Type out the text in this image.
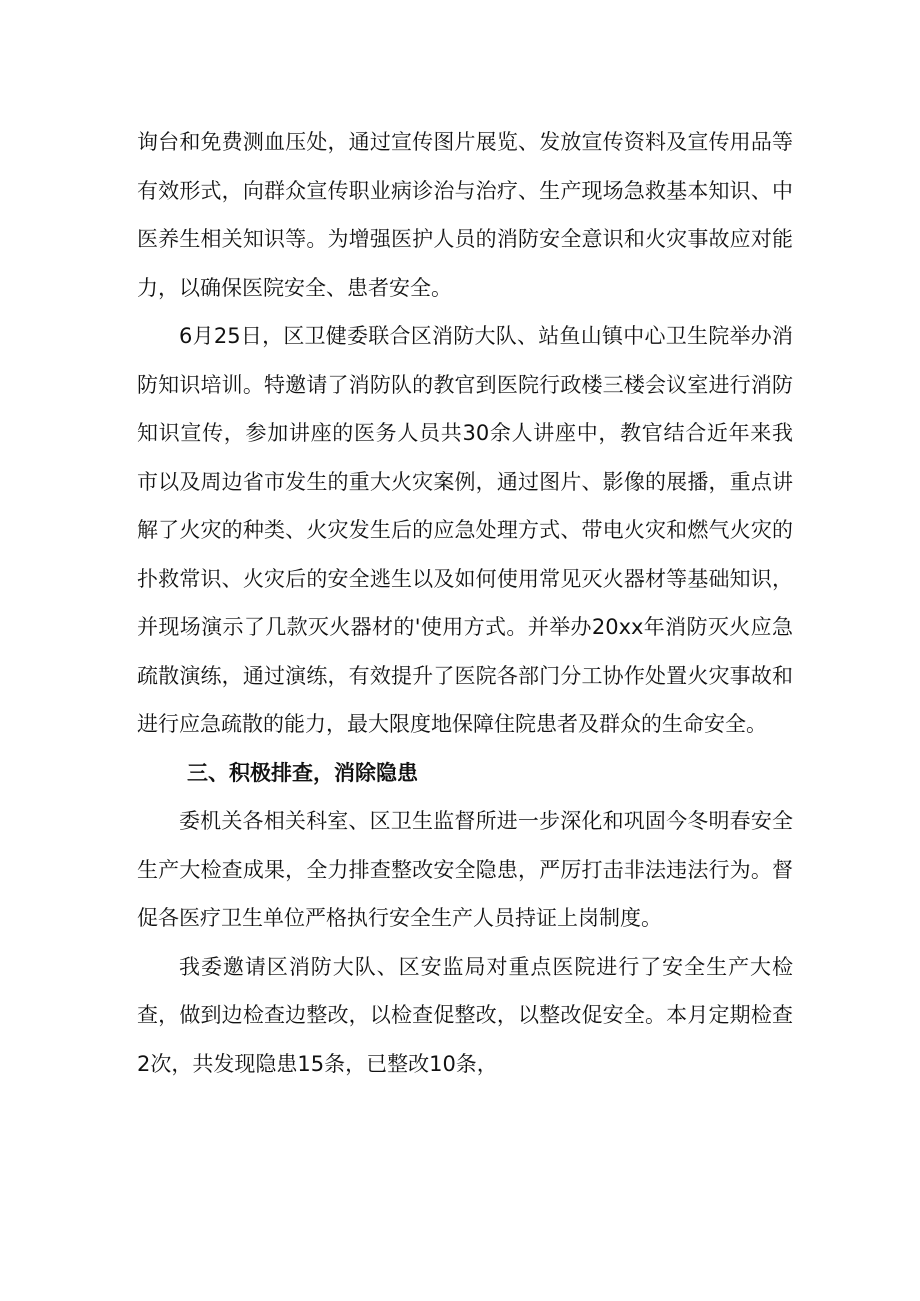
询台和免费测血压处，通过宣传图片展览、发放宣传资料及宣传用品等有效形式，向群众宣传职业病诊治与治疗、生产现场急救基本知识、中医养生相关知识等。为增强医护人员的消防安全意识和火灾事故应对能力，以确保医院安全、患者安全。

6月25日，区卫健委联合区消防大队、站鱼山镇中心卫生院举办消防知识培训。特邀请了消防队的教官到医院行政楼三楼会议室进行消防知识宣传，参加讲座的医务人员共30余人讲座中，教官结合近年来我市以及周边省市发生的重大火灾案例，通过图片、影像的展播，重点讲解了火灾的种类、火灾发生后的应急处理方式、带电火灾和燃气火灾的扑救常识、火灾后的安全逃生以及如何使用常见灭火器材等基础知识，并现场演示了几款灭火器材的'使用方式。并举办20xx年消防灭火应急疏散演练，通过演练，有效提升了医院各部门分工协作处置火灾事故和进行应急疏散的能力，最大限度地保障住院患者及群众的生命安全。

三、积极排查，消除隐患

委机关各相关科室、区卫生监督所进一步深化和巩固今冬明春安全生产大检查成果，全力排查整改安全隐患，严厉打击非法违法行为。督促各医疗卫生单位严格执行安全生产人员持证上岗制度。

我委邀请区消防大队、区安监局对重点医院进行了安全生产大检查，做到边检查边整改，以检查促整改，以整改促安全。本月定期检查2次，共发现隐患15条，已整改10条，
